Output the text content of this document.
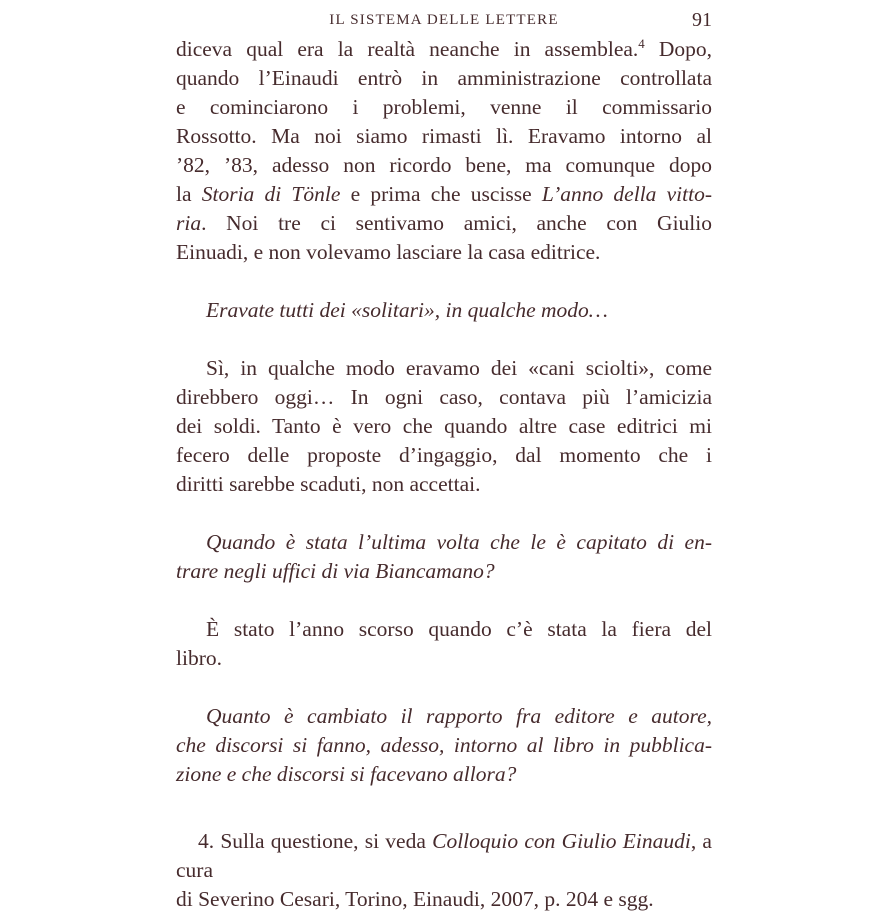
IL SISTEMA DELLE LETTERE	91
diceva qual era la realtà neanche in assemblea.$^4$ Dopo,
quando l’Einaudi entrò in amministrazione controllata
e cominciarono i problemi, venne il commissario
Rossotto. Ma noi siamo rimasti lì. Eravamo intorno al
’82, ’83, adesso non ricordo bene, ma comunque dopo
la Storia di Tönle e prima che uscisse L’anno della vitto-
ria. Noi tre ci sentivamo amici, anche con Giulio
Einuadi, e non volevamo lasciare la casa editrice.
Eravate tutti dei «solitari», in qualche modo…
Sì, in qualche modo eravamo dei «cani sciolti», come
direbbero oggi… In ogni caso, contava più l’amicizia
dei soldi. Tanto è vero che quando altre case editrici mi
fecero delle proposte d’ingaggio, dal momento che i
diritti sarebbe scaduti, non accettai.
Quando è stata l’ultima volta che le è capitato di en-
trare negli uffici di via Biancamano?
È stato l’anno scorso quando c’è stata la fiera del
libro.
Quanto è cambiato il rapporto fra editore e autore,
che discorsi si fanno, adesso, intorno al libro in pubblica-
zione e che discorsi si facevano allora?
4. Sulla questione, si veda Colloquio con Giulio Einaudi, a cura
di Severino Cesari, Torino, Einaudi, 2007, p. 204 e sgg.
